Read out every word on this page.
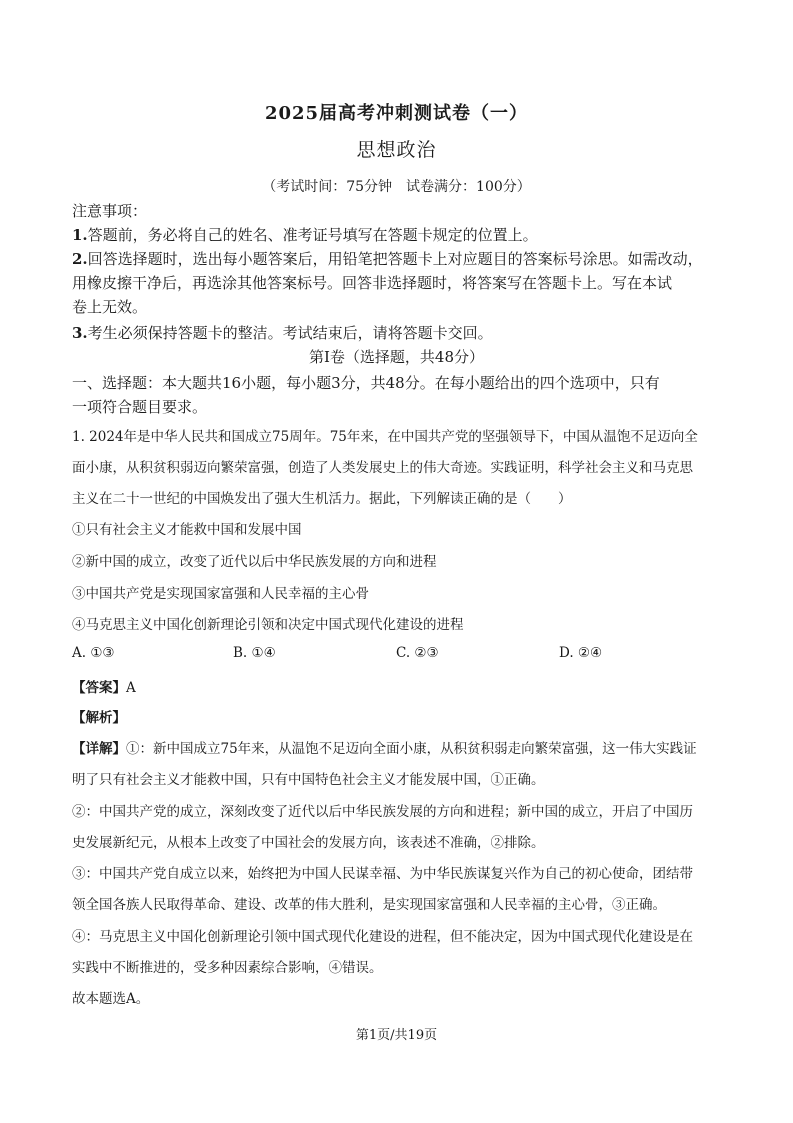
2025届高考冲刺测试卷（一）
思想政治
（考试时间：75分钟 试卷满分：100分）
注意事项：
1.答题前，务必将自己的姓名、准考证号填写在答题卡规定的位置上。
2.回答选择题时，选出每小题答案后，用铅笔把答题卡上对应题目的答案标号涂思。如需改动，
用橡皮擦干净后，再选涂其他答案标号。回答非选择题时，将答案写在答题卡上。写在本试
卷上无效。
3.考生必须保持答题卡的整洁。考试结束后，请将答题卡交回。
第Ⅰ卷（选择题，共48分）
一、选择题：本大题共16小题，每小题3分，共48分。在每小题给出的四个选项中，只有
一项符合题目要求。
1. 2024年是中华人民共和国成立75周年。75年来，在中国共产党的坚强领导下，中国从温饱不足迈向全
面小康，从积贫积弱迈向繁荣富强，创造了人类发展史上的伟大奇迹。实践证明，科学社会主义和马克思
主义在二十一世纪的中国焕发出了强大生机活力。据此，下列解读正确的是（　　）
①只有社会主义才能救中国和发展中国
②新中国的成立，改变了近代以后中华民族发展的方向和进程
③中国共产党是实现国家富强和人民幸福的主心骨
④马克思主义中国化创新理论引领和决定中国式现代化建设的进程
A. ①③	B. ①④	C. ②③	D. ②④
【答案】A
【解析】
【详解】①：新中国成立75年来，从温饱不足迈向全面小康，从积贫积弱走向繁荣富强，这一伟大实践证
明了只有社会主义才能救中国，只有中国特色社会主义才能发展中国，①正确。
②：中国共产党的成立，深刻改变了近代以后中华民族发展的方向和进程；新中国的成立，开启了中国历
史发展新纪元，从根本上改变了中国社会的发展方向，该表述不准确，②排除。
③：中国共产党自成立以来，始终把为中国人民谋幸福、为中华民族谋复兴作为自己的初心使命，团结带
领全国各族人民取得革命、建设、改革的伟大胜利，是实现国家富强和人民幸福的主心骨，③正确。
④：马克思主义中国化创新理论引领中国式现代化建设的进程，但不能决定，因为中国式现代化建设是在
实践中不断推进的，受多种因素综合影响，④错误。
故本题选A。
第1页/共19页
